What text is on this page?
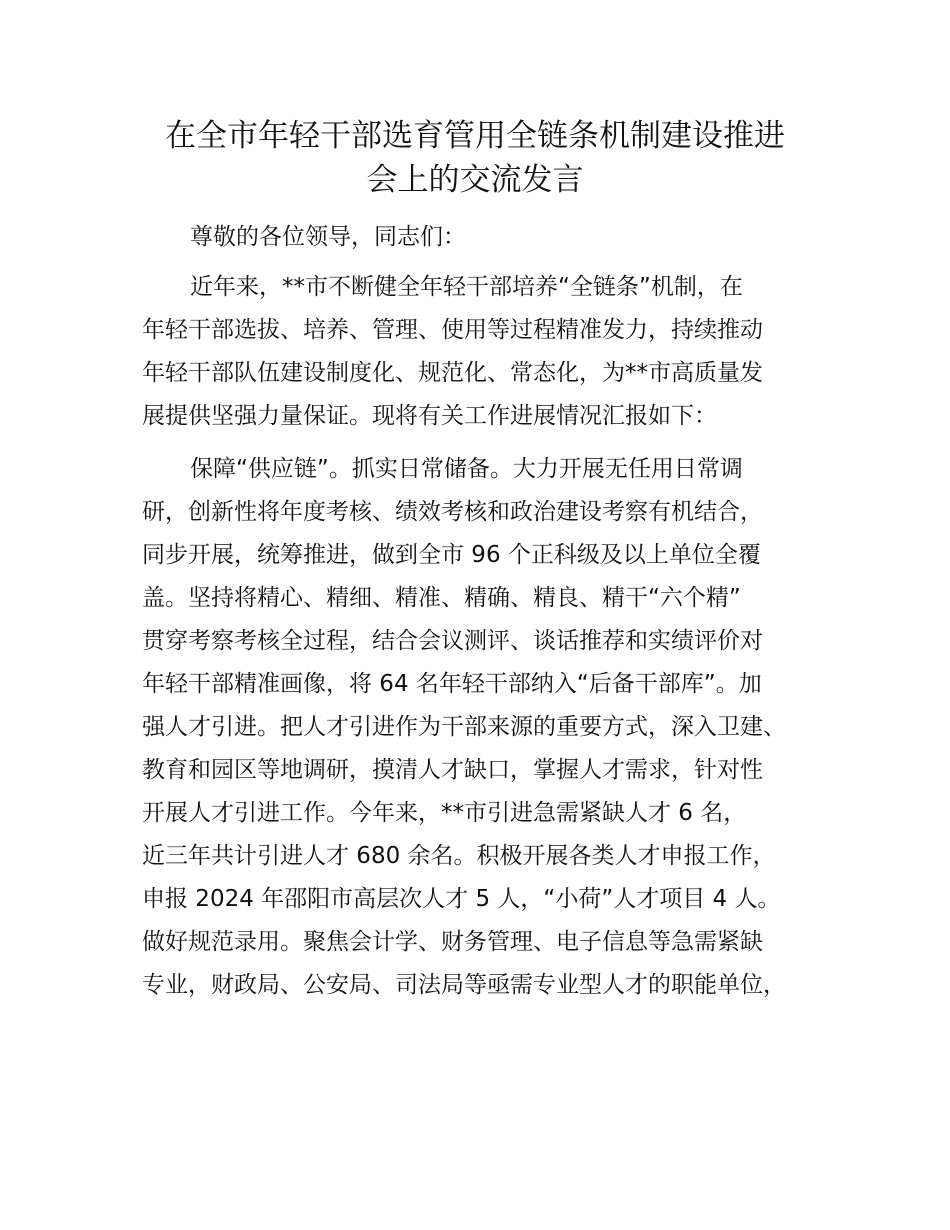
在全市年轻干部选育管用全链条机制建设推进
会上的交流发言

尊敬的各位领导，同志们：

近年来，**市不断健全年轻干部培养“全链条”机制，在

年轻干部选拔、培养、管理、使用等过程精准发力，持续推动

年轻干部队伍建设制度化、规范化、常态化，为**市高质量发

展提供坚强力量保证。现将有关工作进展情况汇报如下：

保障“供应链”。抓实日常储备。大力开展无任用日常调

研，创新性将年度考核、绩效考核和政治建设考察有机结合，

同步开展，统筹推进，做到全市 96 个正科级及以上单位全覆

盖。坚持将精心、精细、精准、精确、精良、精干“六个精”

贯穿考察考核全过程，结合会议测评、谈话推荐和实绩评价对

年轻干部精准画像，将 64 名年轻干部纳入“后备干部库”。加

强人才引进。把人才引进作为干部来源的重要方式，深入卫建、

教育和园区等地调研，摸清人才缺口，掌握人才需求，针对性

开展人才引进工作。今年来，**市引进急需紧缺人才 6 名，

近三年共计引进人才 680 余名。积极开展各类人才申报工作，

申报 2024 年邵阳市高层次人才 5 人，“小荷”人才项目 4 人。

做好规范录用。聚焦会计学、财务管理、电子信息等急需紧缺

专业，财政局、公安局、司法局等亟需专业型人才的职能单位，
